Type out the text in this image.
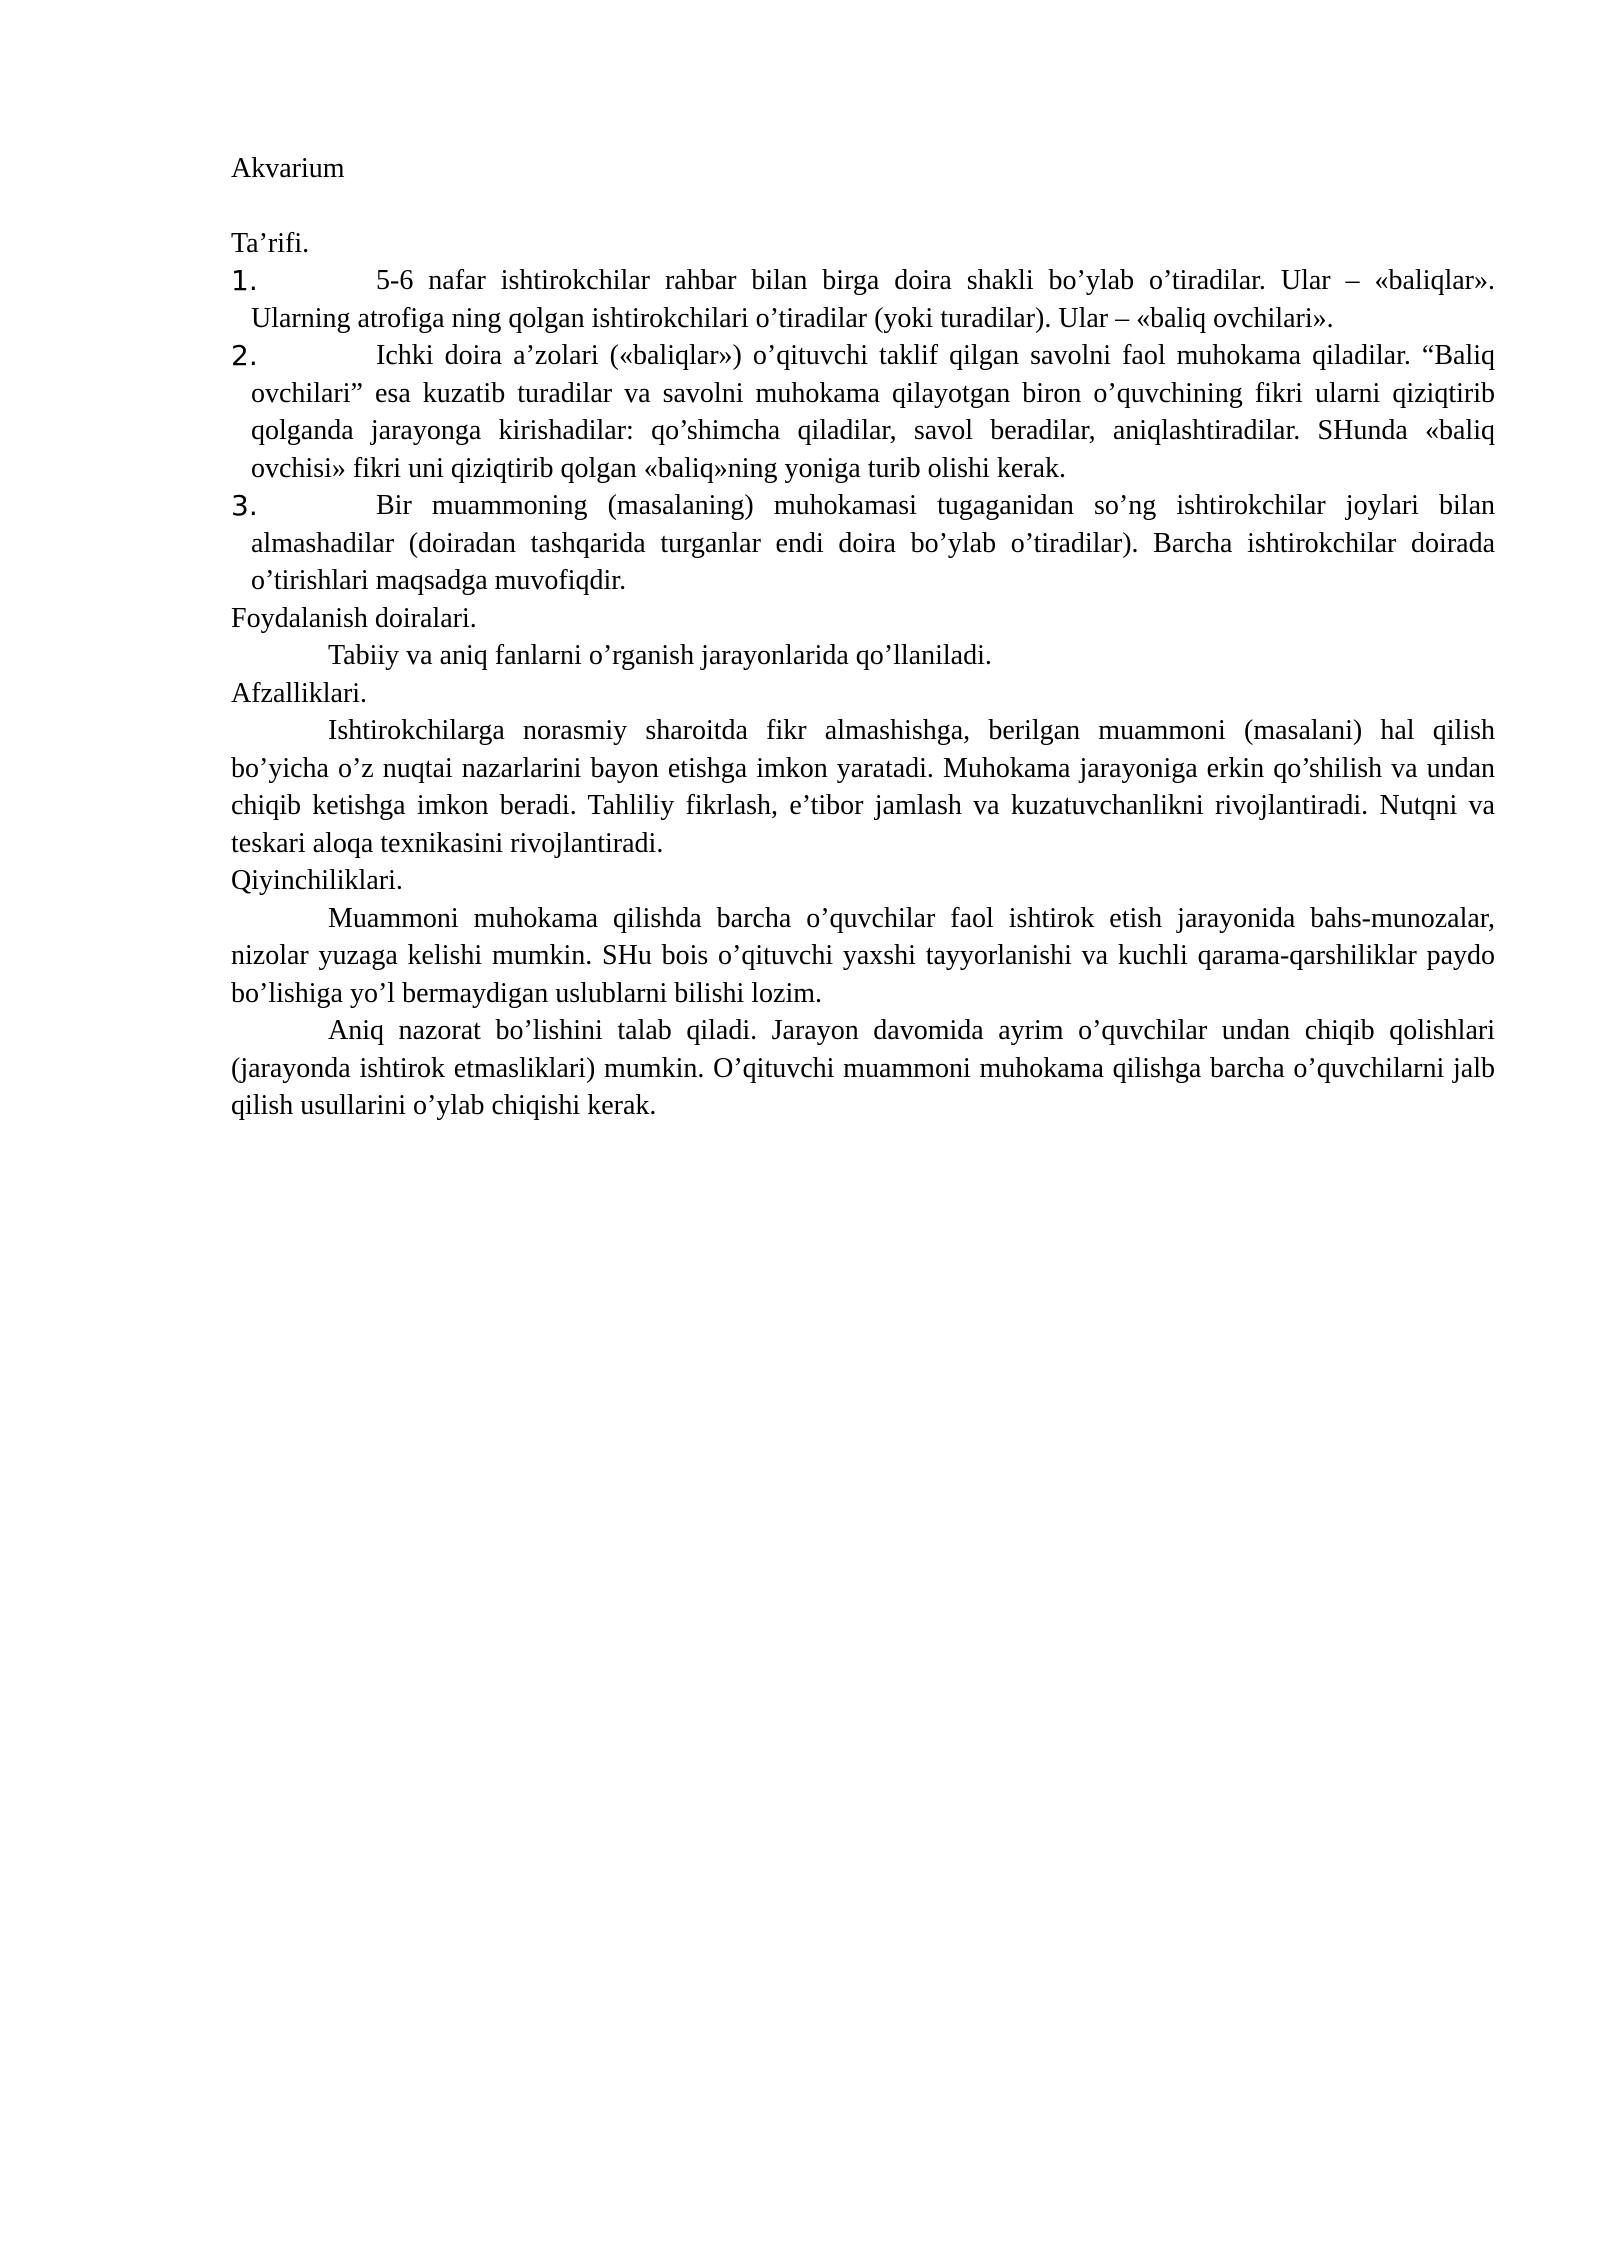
Akvarium

Ta’rifi.

1.	5-6 nafar ishtirokchilar rahbar bilan birga doira shakli bo’ylab o’tiradilar. Ular – «baliqlar». Ularning atrofiga ning qolgan ishtirokchilari o’tiradilar (yoki turadilar). Ular – «baliq ovchilari».
2.	Ichki doira a’zolari («baliqlar») o’qituvchi taklif qilgan savolni faol muhokama qiladilar. “Baliq ovchilari” esa kuzatib turadilar va savolni muhokama qilayotgan biron o’quvchining fikri ularni qiziqtirib qolganda jarayonga kirishadilar: qo’shimcha qiladilar, savol beradilar, aniqlashtiradilar. SHunda «baliq ovchisi» fikri uni qiziqtirib qolgan «baliq»ning yoniga turib olishi kerak.
3.	Bir muammoning (masalaning) muhokamasi tugaganidan so’ng ishtirokchilar joylari bilan almashadilar (doiradan tashqarida turganlar endi doira bo’ylab o’tiradilar). Barcha ishtirokchilar doirada o’tirishlari maqsadga muvofiqdir.

Foydalanish doiralari.

Tabiiy va aniq fanlarni o’rganish jarayonlarida qo’llaniladi.

Afzalliklari.

Ishtirokchilarga norasmiy sharoitda fikr almashishga, berilgan muammoni (masalani) hal qilish bo’yicha o’z nuqtai nazarlarini bayon etishga imkon yaratadi. Muhokama jarayoniga erkin qo’shilish va undan chiqib ketishga imkon beradi. Tahliliy fikrlash, e’tibor jamlash va kuzatuvchanlikni rivojlantiradi. Nutqni va teskari aloqa texnikasini rivojlantiradi.

Qiyinchiliklari.

Muammoni muhokama qilishda barcha o’quvchilar faol ishtirok etish jarayonida bahs-munozalar, nizolar yuzaga kelishi mumkin. SHu bois o’qituvchi yaxshi tayyorlanishi va kuchli qarama-qarshiliklar paydo bo’lishiga yo’l bermaydigan uslublarni bilishi lozim.

Aniq nazorat bo’lishini talab qiladi. Jarayon davomida ayrim o’quvchilar undan chiqib qolishlari (jarayonda ishtirok etmasliklari) mumkin. O’qituvchi muammoni muhokama qilishga barcha o’quvchilarni jalb qilish usullarini o’ylab chiqishi kerak.
